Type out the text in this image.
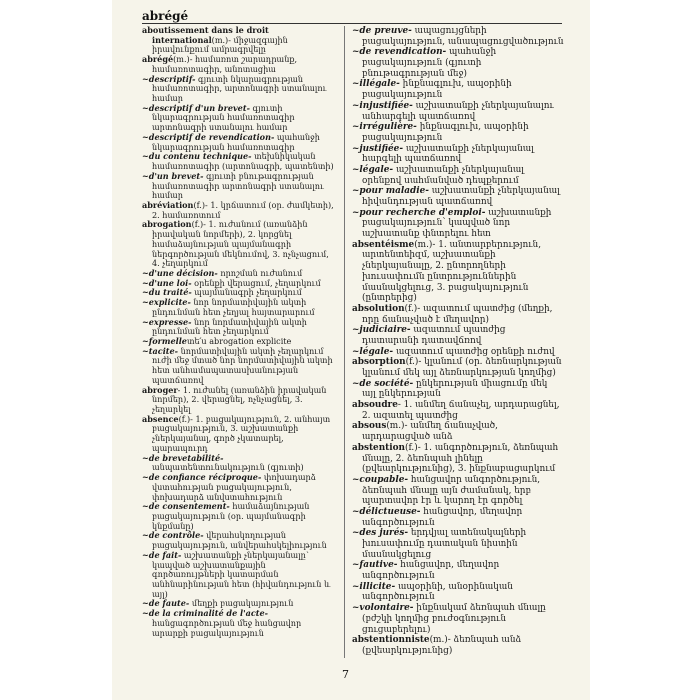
abrégé

aboutissement dans le droit international(m.)- միջազգային իրավունքում ամրագրվելը

abrégé(m.)- համառոտ շարադրանք, համառոտագիր, անոտացիա

~descriptif- գյուտի նկարագրության համառոտագիր, արտոնագրի ստանալու համար

~descriptif d'un brevet- գյուտի նկարագրության համառոտագիր արտոնագրի ստանալու համար

~descriptif de revendication- պահանջի նկարագրության համառոտագիր

~du contenu technique- տեխնիկական համառոտագիր (արտոնագրի, պատենտի)

~d'un brevet- գյուտի բնութագրության համառոտագիր արտոնագրի ստանալու համար

abréviation(f.)- 1. կրճատում (օր. ժամկետի), 2. համառոտում

abrogation(f.)- 1. ուժանում (առանձին իրավական նորմերի), 2. կորցնել համաձայնության պայմանագրի ներգործության մեկնումով, 3. ոչնչացում, 4. չեղարկում

~d'une décision- որոշման ուժանում

~d'une loi- օրենքի վերացում, չեղարկում

~du traité- պայմանագրի չեղարկում

~explicite- նոր նորմատիվային ակտի ընդունման հետ չեղյալ հայտարարում

~expresse- նոր նորմատիվային ակտի ընդունման հետ չեղարկում

~formelleտե՛ս abrogation explicite

~tacite- նորմատիվային ակտի չեղարկում ուժի մեջ մտած նոր նորմատիվային ակտի հետ անհամապատասխանության պատճառով

abroger- 1. ուժանել (առանձին իրավական նորմեր), 2. վերացնել, ոչնչացնել, 3. չեղարկել

absence(f.)- 1. բացակայություն, 2. անհայտ բացակայություն, 3. աշխատանքի չներկայանալ, գործ չկատարել, պարապուրդ

~de brevetabilité- անպատենտունակություն (գյուտի)

~de confiance réciproque- փոխադարձ վստահության բացակայություն, փոխադարձ անվստահություն

~de consentement- համաձայնության բացակայություն (օր. պայմանագրի կնքմանը)

~de contrôle- վերահսկողության բացակայություն, անվերահսկելիություն

~de fait- աշխատանքի չներկայանալը՝ կապված աշխատանքային գործառույթների կատարման անհնարինության հետ (հիվանդություն և այլ)

~de faute- մեղքի բացակայություն

~de la criminalité de l'acte- հանցագործության մեջ հանցավոր արարքի բացակայություն

~de preuve- ապացույցների բացակայություն, անապացուցվածություն

~de revendication- պահանջի բացակայություն (գյուտի բնութագրության մեջ)

~illégale- ինքնագլուխ, ապօրինի բացակայություն

~injustifiée- աշխատանքի չներկայանալու անհարգելի պատճառով

~irrégulière- ինքնագլուխ, ապօրինի բացակայություն

~justifiée- աշխատանքի չներկայանալ հարգելի պատճառով

~légale- աշխատանքի չներկայանալ օրենքով սահմանված դեպքերում

~pour maladie- աշխատանքի չներկայանալ հիվանդության պատճառով

~pour recherche d'emploi- աշխատանքի բացակայություն՝ կապված նոր աշխատանք փնտրելու հետ

absentéisme(m.)- 1. անտարբերություն, արտենտեիզմ, աշխատանքի չներկայանալը, 2. ընտրողների խուսափումն ընտրություններին մասնակցելուց, 3. բացակայություն (ընտրերից)

absolution(f.)- ազատում պատժից (մեղքի, որը ճանաչված է մեղավոր)

~judiciaire- ազատում պատժից դատարանի դատավճռով

~légale- ազատում պատժից օրենքի ուժով

absorption(f.)- կլանում (օր. ձեռնարկության կլանում մեկ այլ ձեռնարկության կողմից)

~de société- ընկերության միացումը մեկ այլ ընկերության

absoudre- 1. անմեղ ճանաչել, արդարացնել, 2. ազատել պատժից

absous(m.)- անմեղ ճանաչված, արդարացված անձ

abstention(f.)- 1. անգործություն, ձեռնպահ մնալը, 2. ձեռնպահ լինելը (քվեարկությունից), 3. ինքնաբացարկում

~coupable- հանցավոր անգործություն, ձեռնպահ մնալը այն ժամանակ, երբ պարտավոր էր և կարող էր գործել

~délictueuse- հանցավոր, մեղավոր անգործություն

~des jurés- երդվյալ ատենակալների խուսափումը դատական նիստին մասնակցելուց

~fautive- հանցավոր, մեղավոր անգործություն

~illicite- ապօրինի, անօրինական անգործություն

~volontaire- ինքնակամ ձեռնպահ մնալը (բժշկի կողմից բուժօգնություն ցուցաբերելու)

abstentionniste(m.)- ձեռնպահ անձ (քվեարկությունից)

7
